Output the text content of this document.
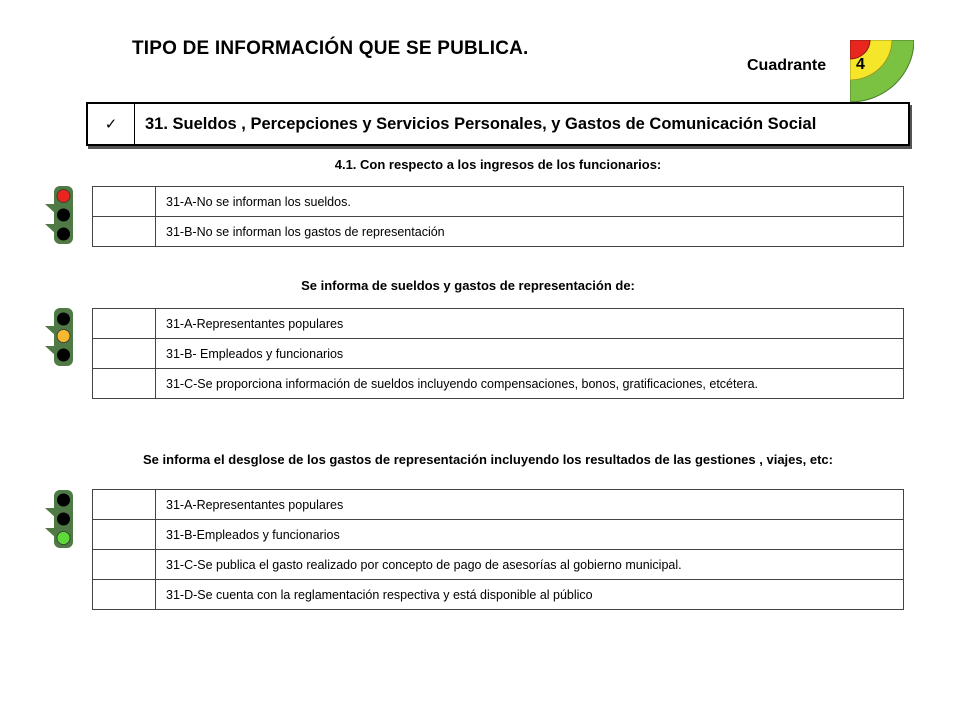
TIPO DE INFORMACIÓN QUE SE PUBLICA.
Cuadrante 4
✓	31. Sueldos , Percepciones y Servicios Personales, y Gastos de Comunicación Social
4.1. Con respecto a los ingresos de los funcionarios:
	31-A-No se informan los sueldos.
	31-B-No se informan los gastos de representación
Se informa de sueldos y gastos de representación de:
	31-A-Representantes populares
	31-B- Empleados y funcionarios
	31-C-Se proporciona información de sueldos incluyendo compensaciones, bonos, gratificaciones, etcétera.
Se informa el desglose de los gastos de representación incluyendo los resultados de las gestiones , viajes, etc:
	31-A-Representantes populares
	31-B-Empleados y funcionarios
	31-C-Se publica el gasto realizado por concepto de pago de asesorías al gobierno municipal.
	31-D-Se cuenta con la reglamentación respectiva y está disponible al público
